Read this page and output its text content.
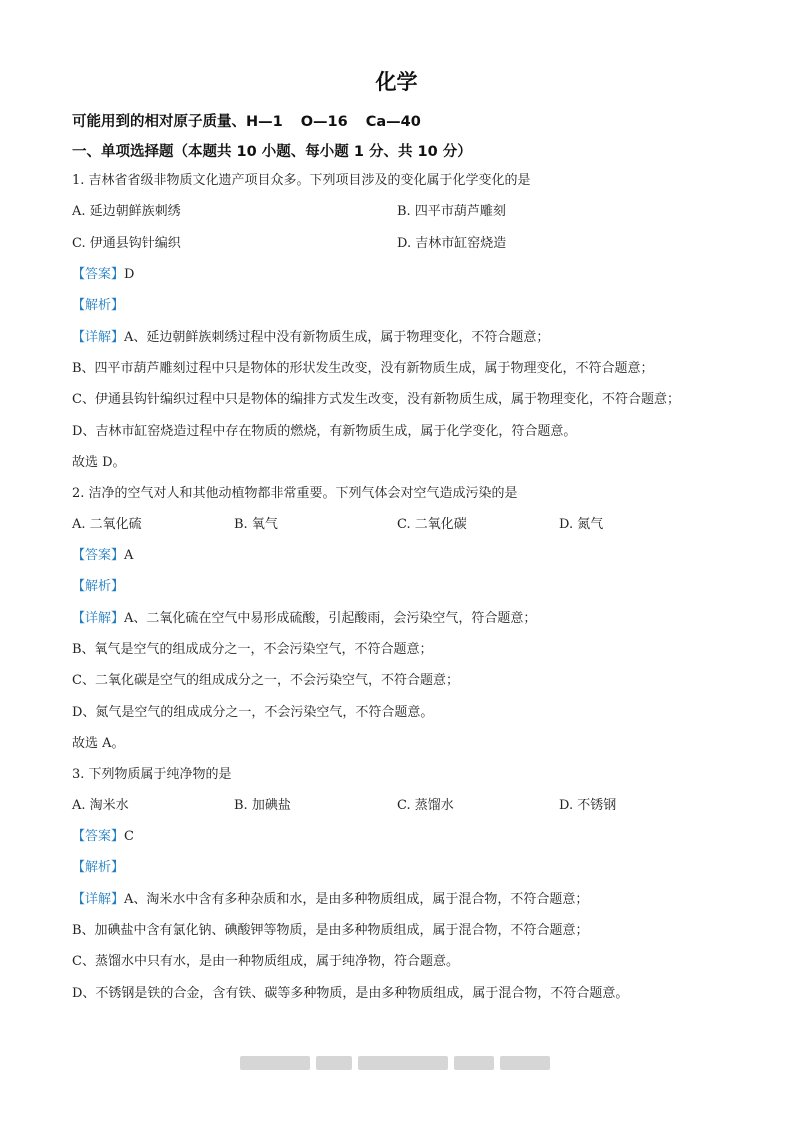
化学
可能用到的相对原子质量、H—1 O—16 Ca—40
一、单项选择题（本题共 10 小题、每小题 1 分、共 10 分）
1. 吉林省省级非物质文化遗产项目众多。下列项目涉及的变化属于化学变化的是
A. 延边朝鲜族刺绣	B. 四平市葫芦雕刻
C. 伊通县钩针编织	D. 吉林市缸窑烧造
【答案】D
【解析】
【详解】A、延边朝鲜族刺绣过程中没有新物质生成，属于物理变化，不符合题意；
B、四平市葫芦雕刻过程中只是物体的形状发生改变，没有新物质生成，属于物理变化，不符合题意；
C、伊通县钩针编织过程中只是物体的编排方式发生改变，没有新物质生成，属于物理变化，不符合题意；
D、吉林市缸窑烧造过程中存在物质的燃烧，有新物质生成，属于化学变化，符合题意。
故选 D。
2. 洁净的空气对人和其他动植物都非常重要。下列气体会对空气造成污染的是
A. 二氧化硫	B. 氧气	C. 二氧化碳	D. 氮气
【答案】A
【解析】
【详解】A、二氧化硫在空气中易形成硫酸，引起酸雨，会污染空气，符合题意；
B、氧气是空气的组成成分之一，不会污染空气，不符合题意；
C、二氧化碳是空气的组成成分之一，不会污染空气，不符合题意；
D、氮气是空气的组成成分之一，不会污染空气，不符合题意。
故选 A。
3. 下列物质属于纯净物的是
A. 淘米水	B. 加碘盐	C. 蒸馏水	D. 不锈钢
【答案】C
【解析】
【详解】A、淘米水中含有多种杂质和水，是由多种物质组成，属于混合物，不符合题意；
B、加碘盐中含有氯化钠、碘酸钾等物质，是由多种物质组成，属于混合物，不符合题意；
C、蒸馏水中只有水，是由一种物质组成，属于纯净物，符合题意。
D、不锈钢是铁的合金，含有铁、碳等多种物质，是由多种物质组成，属于混合物，不符合题意。
